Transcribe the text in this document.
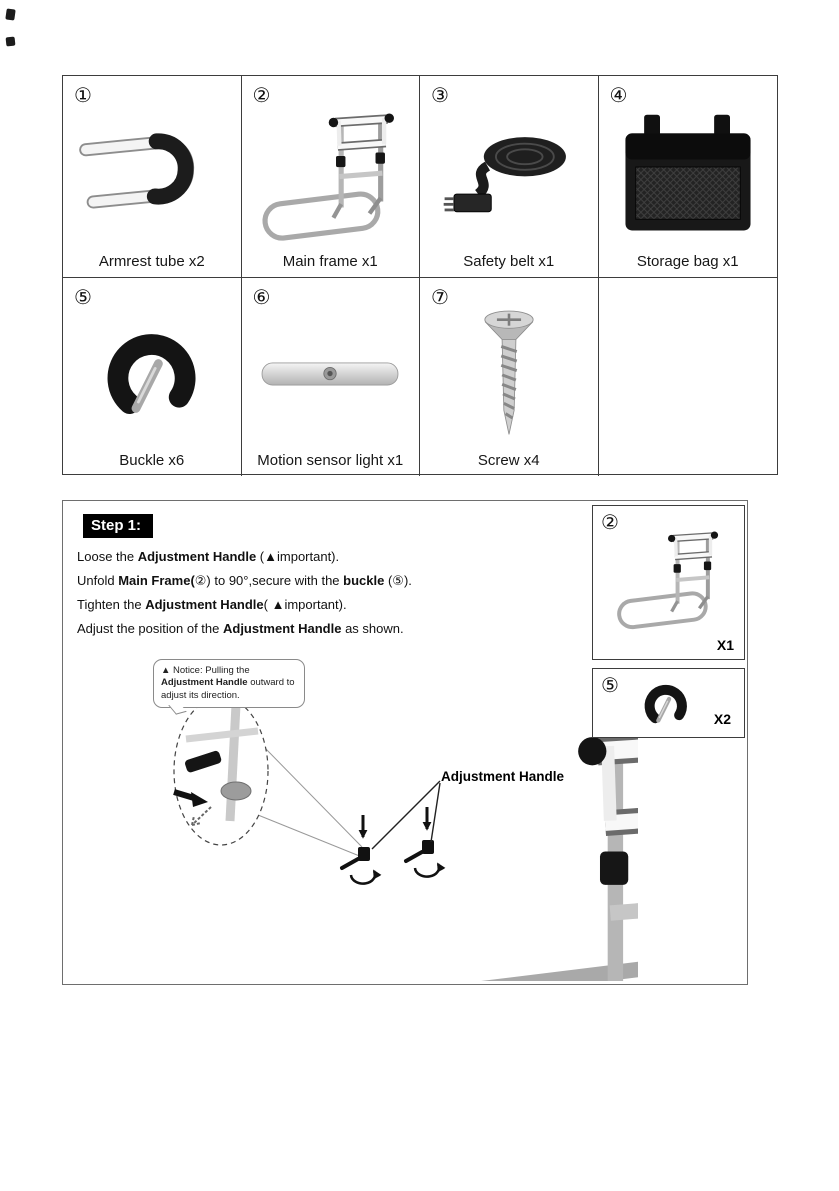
①
Armrest tube x2
②
Main frame x1
③
Safety belt x1
④
Storage bag x1
⑤
Buckle x6
⑥
Motion sensor light x1
⑦
Screw x4
Step 1:
Loose the Adjustment Handle (▲important).
Unfold Main Frame(②) to 90°,secure with the buckle (⑤).
Tighten the Adjustment Handle( ▲important).
Adjust the position of the Adjustment Handle as shown.
▲ Notice: Pulling the Adjustment Handle outward to adjust its direction.
Adjustment Handle
②
X1
⑤
X2
